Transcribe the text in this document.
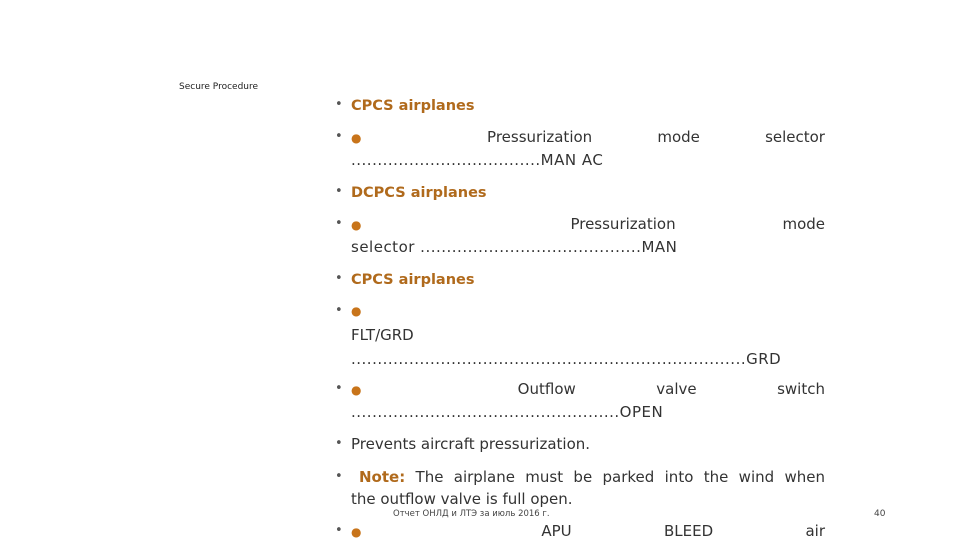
Secure Procedure
• CPCS airplanes
• ●	Pressurization	mode	selector
....................................MAN AC
• DCPCS airplanes
• ●	Pressurization	mode
selector ..........................................MAN
• CPCS airplanes
• ●
FLT/GRD
...........................................................................GRD
• ●	Outflow	valve	switch
...................................................OPEN
• Prevents aircraft pressurization.
•	Note: The airplane must be parked into the wind when
the outflow valve is full open.
• ●	APU	BLEED	air
Отчет ОНЛД и ЛТЭ за июль 2016 г.	40
